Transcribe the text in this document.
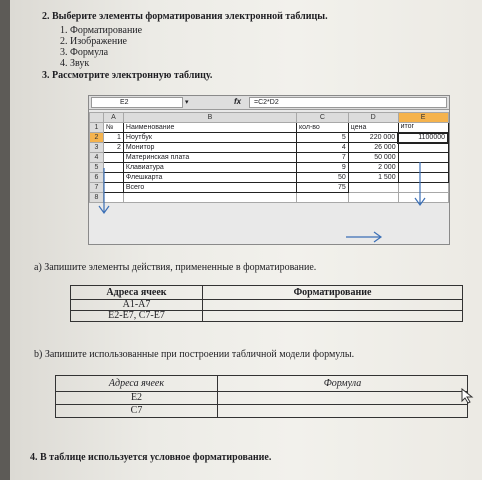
2. Выберите элементы форматирования электронной таблицы.
1. Форматирование
2. Изображение
3. Формула
4. Звук
3. Рассмотрите электронную таблицу.
E2	▾	fx	=C2*D2
	A	B	C	D	E
1	№	Наименование	кол-во	цена	итог
2	1	Ноутбук	5	220 000	1100000
3	2	Монитор	4	26 000	
4		Материнская плата	7	50 000	
5		Клавиатура	9	2 000	
6		Флешкарта	50	1 500	
7		Всего	75		
8					
а) Запишите элементы действия, примененные в форматирование.
Адреса ячеек	Форматирование
A1-A7	
E2-E7, C7-E7	
b) Запишите использованные при построении табличной модели формулы.
Адреса ячеек	Формула
E2	
C7	
4. В таблице используется условное форматирование.
